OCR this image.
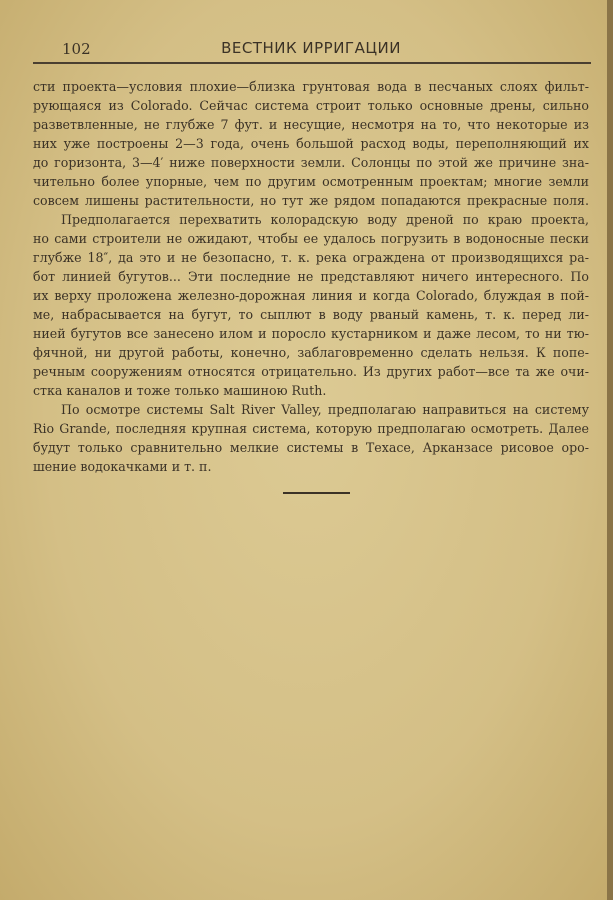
102	ВЕСТНИК ИРРИГАЦИИ
сти проекта—условия плохие—близка грунтовая вода в песчаных слоях фильт-
рующаяся из Colorado. Сейчас система строит только основные дрены, сильно
разветвленные, не глубже 7 фут. и несущие, несмотря на то, что некоторые из
них уже построены 2—3 года, очень большой расход воды, переполняющий их
до горизонта, 3—4′ ниже поверхности земли. Солонцы по этой же причине зна-
чительно более упорные, чем по другим осмотренным проектам; многие земли
совсем лишены растительности, но тут же рядом попадаются прекрасные поля.
Предполагается перехватить колорадскую воду дреной по краю проекта,
но сами строители не ожидают, чтобы ее удалось погрузить в водоносные пески
глубже 18″, да это и не безопасно, т. к. река ограждена от производящихся ра-
бот линией бугутов... Эти последние не представляют ничего интересного. По
их верху проложена железно-дорожная линия и когда Colorado, блуждая в пой-
ме, набрасывается на бугут, то сыплют в воду рваный камень, т. к. перед ли-
нией бугутов все занесено илом и поросло кустарником и даже лесом, то ни тю-
фячной, ни другой работы, конечно, заблаговременно сделать нельзя. К попе-
речным сооружениям относятся отрицательно. Из других работ—все та же очи-
стка каналов и тоже только машиною Ruth.
По осмотре системы Salt River Valley, предполагаю направиться на систему
Rio Grande, последняя крупная система, которую предполагаю осмотреть. Далее
будут только сравнительно мелкие системы в Техасе, Арканзасе рисовое оро-
шение водокачками и т. п.
